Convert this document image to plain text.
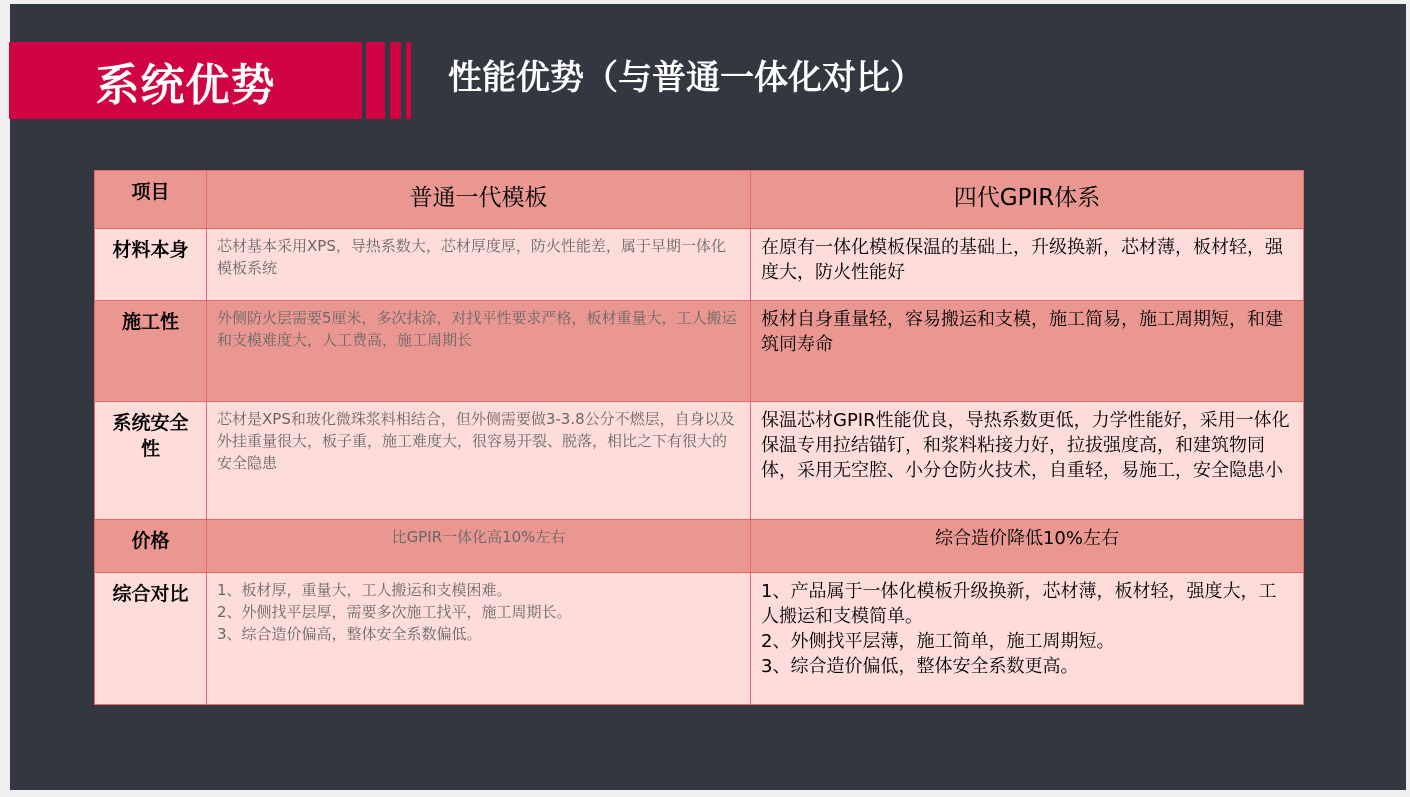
系统优势	性能优势（与普通一体化对比）
项目	普通一代模板	四代GPIR体系
材料本身	芯材基本采用XPS，导热系数大，芯材厚度厚，防火性能差，属于早期一体化模板系统	在原有一体化模板保温的基础上，升级换新，芯材薄，板材轻，强度大，防火性能好
施工性	外侧防火层需要5厘米，多次抹涂，对找平性要求严格，板材重量大，工人搬运和支模难度大，人工费高，施工周期长	板材自身重量轻，容易搬运和支模，施工简易，施工周期短，和建筑同寿命
系统安全性	芯材是XPS和玻化微珠浆料相结合，但外侧需要做3-3.8公分不燃层，自身以及外挂重量很大，板子重，施工难度大，很容易开裂、脱落，相比之下有很大的安全隐患	保温芯材GPIR性能优良，导热系数更低，力学性能好，采用一体化保温专用拉结锚钉，和浆料粘接力好，拉拔强度高，和建筑物同体，采用无空腔、小分仓防火技术，自重轻，易施工，安全隐患小
价格	比GPIR一体化高10%左右	综合造价降低10%左右
综合对比	1、板材厚，重量大，工人搬运和支模困难。
2、外侧找平层厚，需要多次施工找平，施工周期长。
3、综合造价偏高，整体安全系数偏低。	1、产品属于一体化模板升级换新，芯材薄，板材轻，强度大，工人搬运和支模简单。
2、外侧找平层薄，施工简单，施工周期短。
3、综合造价偏低，整体安全系数更高。
